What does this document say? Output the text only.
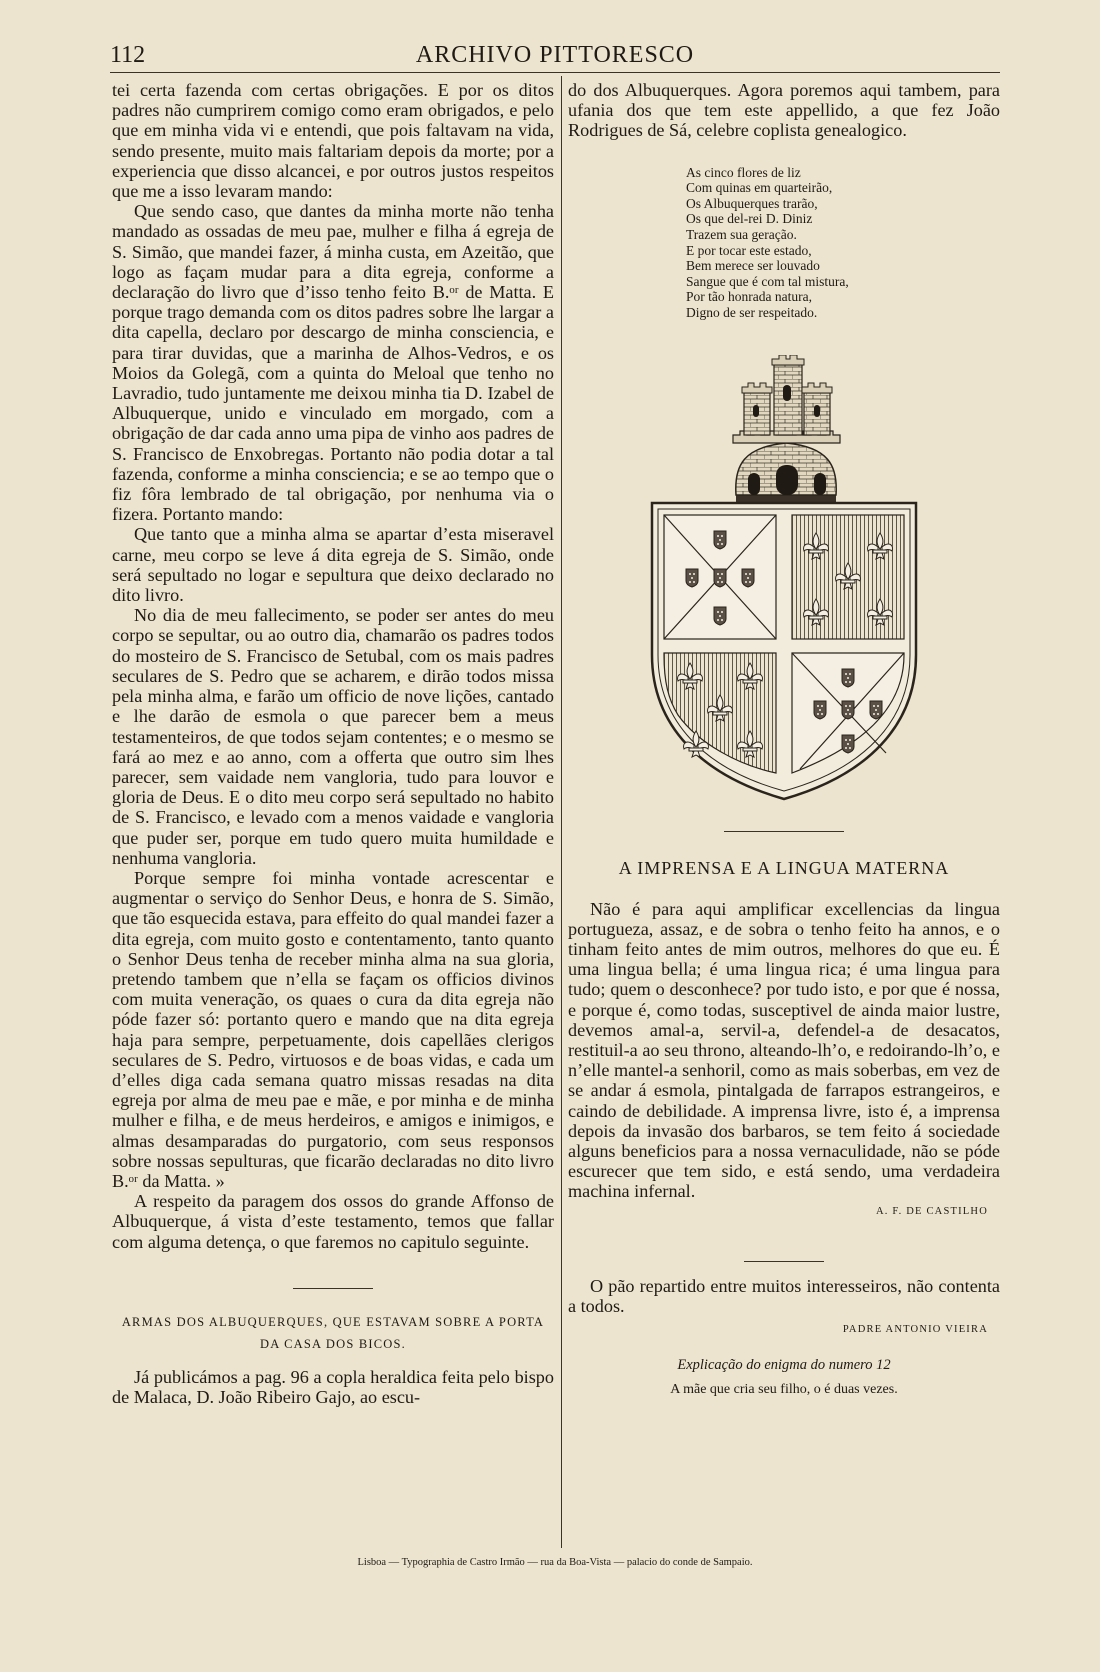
112	ARCHIVO PITTORESCO

tei certa fazenda com certas obrigações. E por os ditos padres não cumprirem comigo como eram obrigados, e pelo que em minha vida vi e entendi, que pois faltavam na vida, sendo presente, muito mais faltariam depois da morte; por a experiencia que disso alcancei, e por outros justos respeitos que me a isso levaram mando:

Que sendo caso, que dantes da minha morte não tenha mandado as ossadas de meu pae, mulher e filha á egreja de S. Simão, que mandei fazer, á minha custa, em Azeitão, que logo as façam mudar para a dita egreja, conforme a declaração do livro que d’isso tenho feito B.ᵒʳ de Matta. E porque trago demanda com os ditos padres sobre lhe largar a dita capella, declaro por descargo de minha consciencia, e para tirar duvidas, que a marinha de Alhos-Vedros, e os Moios da Golegã, com a quinta do Meloal que tenho no Lavradio, tudo juntamente me deixou minha tia D. Izabel de Albuquerque, unido e vinculado em morgado, com a obrigação de dar cada anno uma pipa de vinho aos padres de S. Francisco de Enxobregas. Portanto não podia dotar a tal fazenda, conforme a minha consciencia; e se ao tempo que o fiz fôra lembrado de tal obrigação, por nenhuma via o fizera. Portanto mando:

Que tanto que a minha alma se apartar d’esta miseravel carne, meu corpo se leve á dita egreja de S. Simão, onde será sepultado no logar e sepultura que deixo declarado no dito livro.

No dia de meu fallecimento, se poder ser antes do meu corpo se sepultar, ou ao outro dia, chamarão os padres todos do mosteiro de S. Francisco de Setubal, com os mais padres seculares de S. Pedro que se acharem, e dirão todos missa pela minha alma, e farão um officio de nove lições, cantado e lhe darão de esmola o que parecer bem a meus testamenteiros, de que todos sejam contentes; e o mesmo se fará ao mez e ao anno, com a offerta que outro sim lhes parecer, sem vaidade nem vangloria, tudo para louvor e gloria de Deus. E o dito meu corpo será sepultado no habito de S. Francisco, e levado com a menos vaidade e vangloria que puder ser, porque em tudo quero muita humildade e nenhuma vangloria.

Porque sempre foi minha vontade acrescentar e augmentar o serviço do Senhor Deus, e honra de S. Simão, que tão esquecida estava, para effeito do qual mandei fazer a dita egreja, com muito gosto e contentamento, tanto quanto o Senhor Deus tenha de receber minha alma na sua gloria, pretendo tambem que n’ella se façam os officios divinos com muita veneração, os quaes o cura da dita egreja não póde fazer só: portanto quero e mando que na dita egreja haja para sempre, perpetuamente, dois capellães clerigos seculares de S. Pedro, virtuosos e de boas vidas, e cada um d’elles diga cada semana quatro missas resadas na dita egreja por alma de meu pae e mãe, e por minha e de minha mulher e filha, e de meus herdeiros, e amigos e inimigos, e almas desamparadas do purgatorio, com seus responsos sobre nossas sepulturas, que ficarão declaradas no dito livro B.ᵒʳ da Matta. »

A respeito da paragem dos ossos do grande Affonso de Albuquerque, á vista d’este testamento, temos que fallar com alguma detença, o que faremos no capitulo seguinte.

ARMAS DOS ALBUQUERQUES, QUE ESTAVAM SOBRE A PORTA DA CASA DOS BICOS.

Já publicámos a pag. 96 a copla heraldica feita pelo bispo de Malaca, D. João Ribeiro Gajo, ao escu-

do dos Albuquerques. Agora poremos aqui tambem, para ufania dos que tem este appellido, a que fez João Rodrigues de Sá, celebre coplista genealogico.

As cinco flores de liz
Com quinas em quarteirão,
Os Albuquerques trarão,
Os que del-rei D. Diniz
Trazem sua geração.
E por tocar este estado,
Bem merece ser louvado
Sangue que é com tal mistura,
Por tão honrada natura,
Digno de ser respeitado.

A IMPRENSA E A LINGUA MATERNA

Não é para aqui amplificar excellencias da lingua portugueza, assaz, e de sobra o tenho feito ha annos, e o tinham feito antes de mim outros, melhores do que eu. É uma lingua bella; é uma lingua rica; é uma lingua para tudo; quem o desconhece? por tudo isto, e por que é nossa, e porque é, como todas, susceptivel de ainda maior lustre, devemos amal-a, servil-a, defendel-a de desacatos, restituil-a ao seu throno, alteando-lh’o, e redoirando-lh’o, e n’elle mantel-a senhoril, como as mais soberbas, em vez de se andar á esmola, pintalgada de farrapos estrangeiros, e caindo de debilidade. A imprensa livre, isto é, a imprensa depois da invasão dos barbaros, se tem feito á sociedade alguns beneficios para a nossa vernaculidade, não se póde escurecer que tem sido, e está sendo, uma verdadeira machina infernal.

A. F. DE CASTILHO

O pão repartido entre muitos interesseiros, não contenta a todos.

PADRE ANTONIO VIEIRA

Explicação do enigma do numero 12

A mãe que cria seu filho, o é duas vezes.

Lisboa — Typographia de Castro Irmão — rua da Boa-Vista — palacio do conde de Sampaio.
